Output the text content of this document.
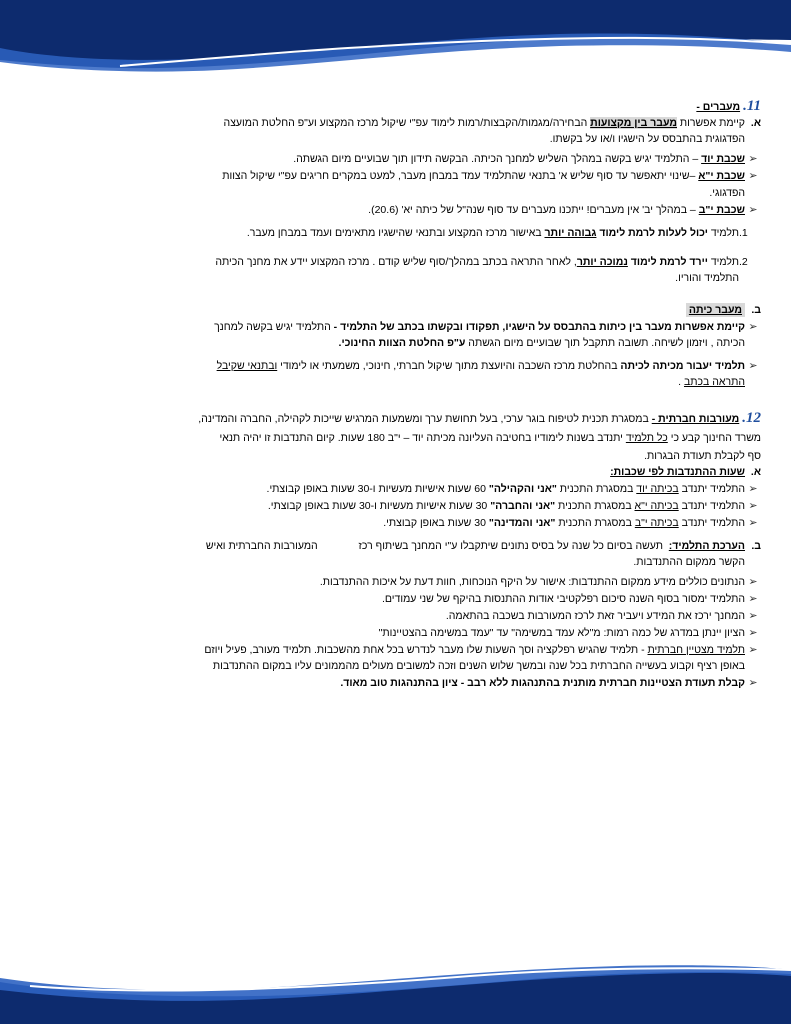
11.מעברים -
א.קיימת אפשרות מעבר בין מקצועות הבחירה/מגמות/הקבצות/רמות לימוד עפ"י שיקול מרכז המקצוע וע"פ החלטת המועצה
הפדגוגית בהתבסס על הישגיו ו/או על בקשתו.
➢שכבת יוד – התלמיד יגיש בקשה במהלך השליש למחנך הכיתה. הבקשה תידון תוך שבועיים מיום הגשתה.
➢שכבת י"א –שינוי יתאפשר עד סוף שליש א' בתנאי שהתלמיד עמד במבחן מעבר, למעט במקרים חריגים עפ"י שיקול הצוות
הפדגוגי.
➢שכבת י"ב – במהלך יב' אין מעברים! ייתכנו מעברים עד סוף שנה"ל של כיתה יא' (20.6).
1.תלמיד יכול לעלות לרמת לימוד גבוהה יותר באישור מרכז המקצוע ובתנאי שהישגיו מתאימים ועמד במבחן מעבר.
2.תלמיד יירד לרמת לימוד נמוכה יותר, לאחר התראה בכתב במהלך/סוף שליש קודם . מרכז המקצוע יידע את מחנך הכיתה
התלמיד והוריו.
ב.מעבר כיתה
➢קיימת אפשרות מעבר בין כיתות בהתבסס על הישגיו, תפקודו ובקשתו בכתב של התלמיד - התלמיד יגיש בקשה למחנך
הכיתה , ויזמון לשיחה. תשובה תתקבל תוך שבועיים מיום הגשתה ע"פ החלטת הצוות החינוכי.
➢תלמיד יעבור מכיתה לכיתה בהחלטת מרכז השכבה והיועצת מתוך שיקול חברתי, חינוכי, משמעתי או לימודי ובתנאי שקיבל
התראה בכתב .
12.מעורבות חברתית - במסגרת תכנית לטיפוח בוגר ערכי, בעל תחושת ערך ומשמעות המרגיש שייכות לקהילה, החברה והמדינה,
משרד החינוך קבע כי כל תלמיד יתנדב בשנות לימודיו בחטיבה העליונה מכיתה יוד – י"ב 180 שעות. קיום התנדבות זו יהיה תנאי
סף לקבלת תעודת הבגרות.
א.שעות ההתנדבות לפי שכבות:
➢התלמיד יתנדב בכיתה יוד במסגרת התכנית "אני והקהילה" 60 שעות אישיות מעשיות ו-30 שעות באופן קבוצתי.
➢התלמיד יתנדב בכיתה י"א במסגרת התכנית "אני והחברה" 30 שעות אישיות מעשיות ו-30 שעות באופן קבוצתי.
➢התלמיד יתנדב בכיתה י"ב במסגרת התכנית "אני והמדינה" 30 שעות באופן קבוצתי.
ב.הערכת התלמיד:  תעשה בסיום כל שנה על בסיס נתונים שיתקבלו ע"י המחנך בשיתוף רכז              המעורבות החברתית ואיש
הקשר ממקום ההתנדבות.
➢הנתונים כוללים מידע ממקום ההתנדבות: אישור על היקף הנוכחות, חוות דעת על איכות ההתנדבות.
➢התלמיד ימסור בסוף השנה סיכום רפלקטיבי אודות ההתנסות בהיקף של שני עמודים.
➢המחנך ירכז את המידע ויעביר זאת לרכז המעורבות בשכבה בהתאמה.
➢הציון יינתן במדרג של כמה רמות: מ"לא עמד במשימה" עד "עמד במשימה בהצטיינות"
➢תלמיד מצטיין חברתית - תלמיד שהגיש רפלקציה וסך השעות שלו מעבר לנדרש בכל אחת מהשכבות. תלמיד מעורב, פעיל ויוזם
באופן רציף וקבוע בעשייה החברתית בכל שנה ובמשך שלוש השנים וזכה למשובים מעולים מהממונים עליו במקום ההתנדבות
➢קבלת תעודת הצטיינות חברתית מותנית בהתנהגות ללא רבב - ציון בהתנהגות טוב מאוד.
